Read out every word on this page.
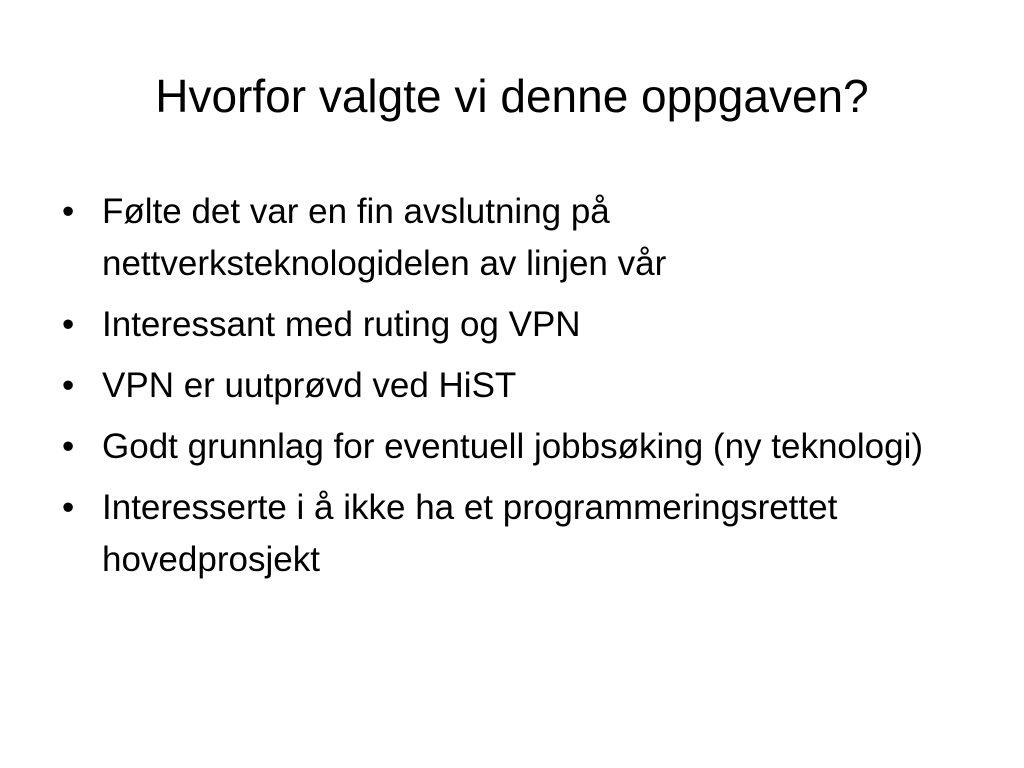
Hvorfor valgte vi denne oppgaven?
• Følte det var en fin avslutning på nettverksteknologidelen av linjen vår
• Interessant med ruting og VPN
• VPN er uutprøvd ved HiST
• Godt grunnlag for eventuell jobbsøking (ny teknologi)
• Interesserte i å ikke ha et programmeringsrettet hovedprosjekt
